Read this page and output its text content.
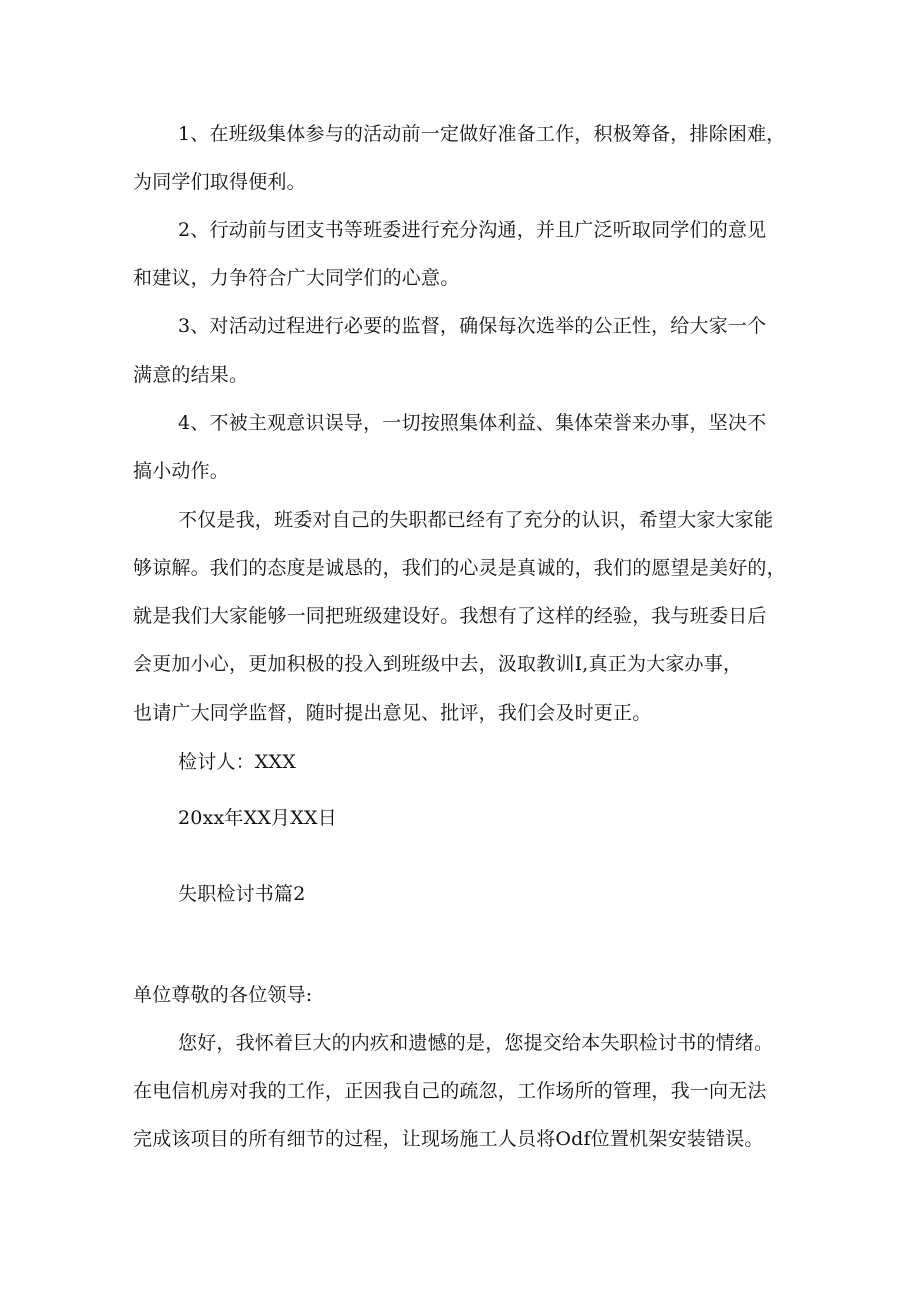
1、在班级集体参与的活动前一定做好准备工作，积极筹备，排除困难，
为同学们取得便利。
2、行动前与团支书等班委进行充分沟通，并且广泛听取同学们的意见
和建议，力争符合广大同学们的心意。
3、对活动过程进行必要的监督，确保每次选举的公正性，给大家一个
满意的结果。
4、不被主观意识误导，一切按照集体利益、集体荣誉来办事，坚决不
搞小动作。
不仅是我，班委对自己的失职都已经有了充分的认识，希望大家大家能
够谅解。我们的态度是诚恳的，我们的心灵是真诚的，我们的愿望是美好的，
就是我们大家能够一同把班级建设好。我想有了这样的经验，我与班委日后
会更加小心，更加积极的投入到班级中去，汲取教训I,真正为大家办事，
也请广大同学监督，随时提出意见、批评，我们会及时更正。
检讨人：XXX
20xx年XX月XX日
失职检讨书篇2
单位尊敬的各位领导:
您好，我怀着巨大的内疚和遗憾的是，您提交给本失职检讨书的情绪。
在电信机房对我的工作，正因我自己的疏忽，工作场所的管理，我一向无法
完成该项目的所有细节的过程，让现场施工人员将Odf位置机架安装错误。
